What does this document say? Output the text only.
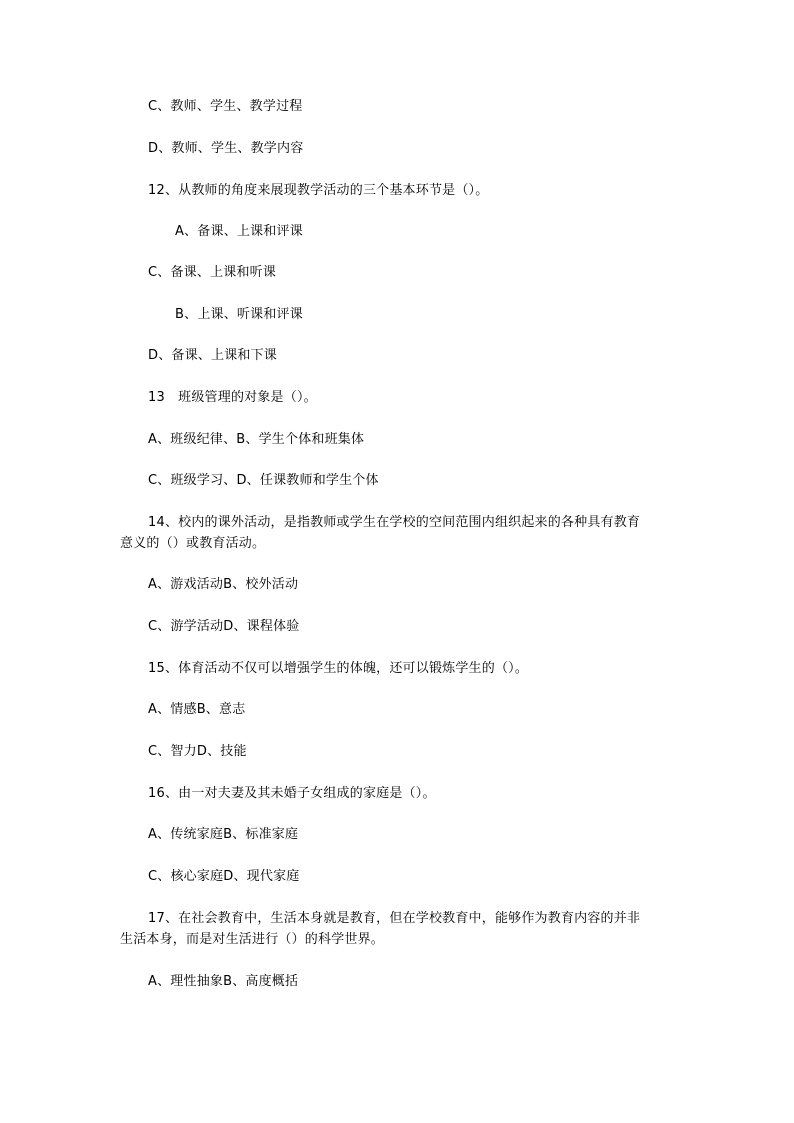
C、教师、学生、教学过程
D、教师、学生、教学内容
12、从教师的角度来展现教学活动的三个基本环节是（）。
A、备课、上课和评课
C、备课、上课和听课
B、上课、听课和评课
D、备课、上课和下课
13　班级管理的对象是（）。
A、班级纪律、B、学生个体和班集体
C、班级学习、D、任课教师和学生个体
14、校内的课外活动，是指教师或学生在学校的空间范围内组织起来的各种具有教育
意义的（）或教育活动。
A、游戏活动B、校外活动
C、游学活动D、课程体验
15、体育活动不仅可以增强学生的体魄，还可以锻炼学生的（）。
A、情感B、意志
C、智力D、技能
16、由一对夫妻及其未婚子女组成的家庭是（）。
A、传统家庭B、标准家庭
C、核心家庭D、现代家庭
17、在社会教育中，生活本身就是教育，但在学校教育中，能够作为教育内容的并非
生活本身，而是对生活进行（）的科学世界。
A、理性抽象B、高度概括
